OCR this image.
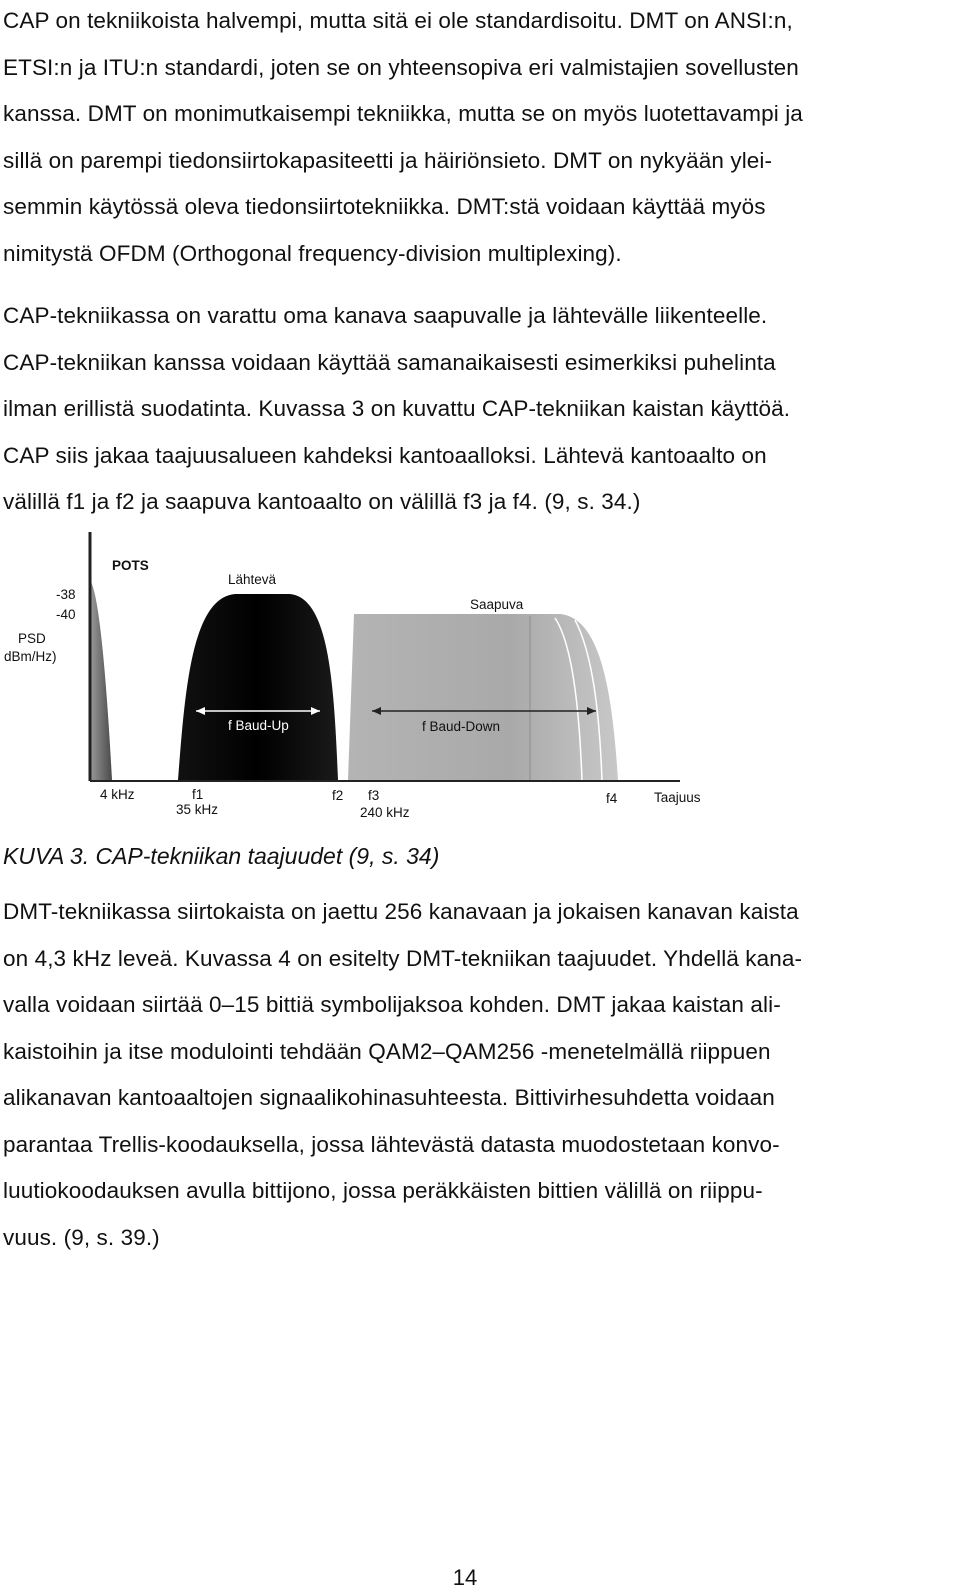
CAP on tekniikoista halvempi, mutta sitä ei ole standardisoitu. DMT on ANSI:n,
ETSI:n ja ITU:n standardi, joten se on yhteensopiva eri valmistajien sovellusten
kanssa. DMT on monimutkaisempi tekniikka, mutta se on myös luotettavampi ja
sillä on parempi tiedonsiirtokapasiteetti ja häiriönsieto. DMT on nykyään ylei-
semmin käytössä oleva tiedonsiirtotekniikka. DMT:stä voidaan käyttää myös
nimitystä OFDM (Orthogonal frequency-division multiplexing).
CAP-tekniikassa on varattu oma kanava saapuvalle ja lähtevälle liikenteelle.
CAP-tekniikan kanssa voidaan käyttää samanaikaisesti esimerkiksi puhelinta
ilman erillistä suodatinta. Kuvassa 3 on kuvattu CAP-tekniikan kaistan käyttöä.
CAP siis jakaa taajuusalueen kahdeksi kantoaalloksi. Lähtevä kantoaalto on
välillä f1 ja f2 ja saapuva kantoaalto on välillä f3 ja f4. (9, s. 34.)
POTS
Lähtevä
Saapuva
-38
-40
PSD
dBm/Hz)
f Baud-Up	f Baud-Down
4 kHz	f1
35 kHz
f2 f3
240 kHz
f4	Taajuus

KUVA 3. CAP-tekniikan taajuudet (9, s. 34)

DMT-tekniikassa siirtokaista on jaettu 256 kanavaan ja jokaisen kanavan kaista
on 4,3 kHz leveä. Kuvassa 4 on esitelty DMT-tekniikan taajuudet. Yhdellä kana-
valla voidaan siirtää 0–15 bittiä symbolijaksoa kohden. DMT jakaa kaistan ali-
kaistoihin ja itse modulointi tehdään QAM2–QAM256 -menetelmällä riippuen
alikanavan kantoaaltojen signaalikohinasuhteesta. Bittivirhesuhdetta voidaan
parantaa Trellis-koodauksella, jossa lähtevästä datasta muodostetaan konvo-
luutiokoodauksen avulla bittijono, jossa peräkkäisten bittien välillä on riippu-
vuus. (9, s. 39.)

14
